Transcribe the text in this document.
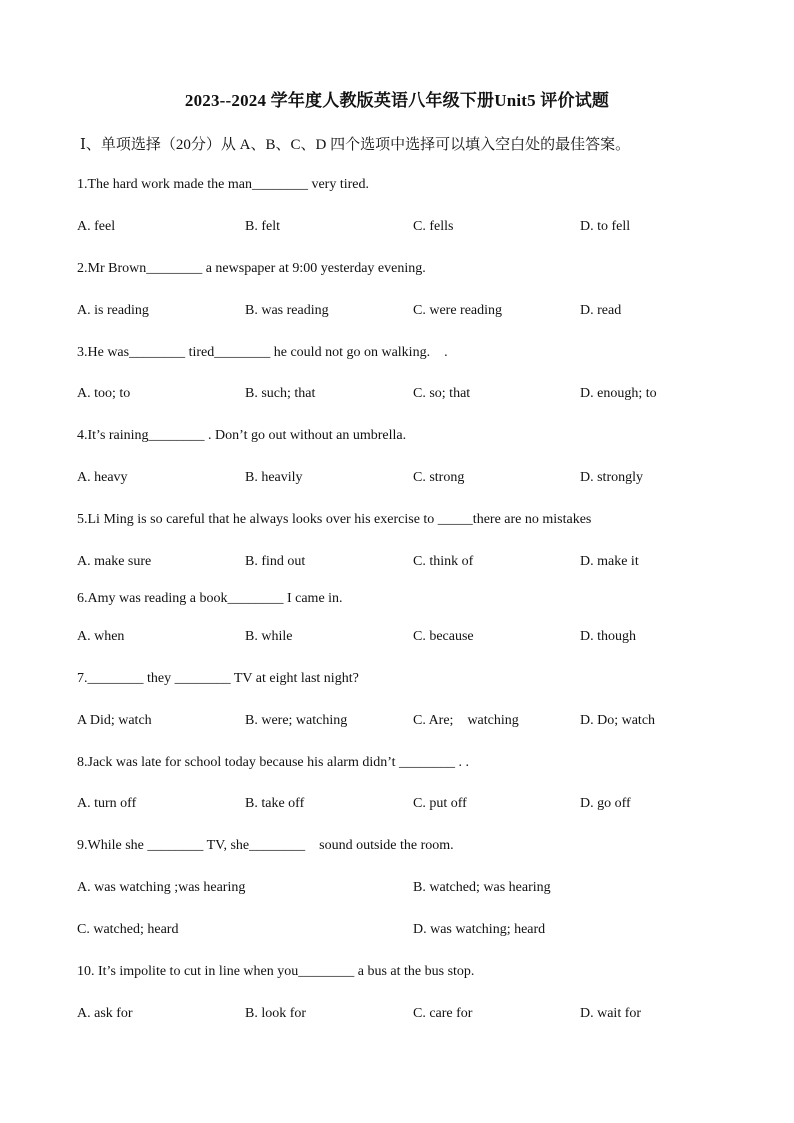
2023--2024 学年度人教版英语八年级下册Unit5 评价试题
Ⅰ、单项选择（20分）从 A、B、C、D 四个选项中选择可以填入空白处的最佳答案。
1.The hard work made the man________ very tired.
A. feel	B. felt	C. fells	D. to fell
2.Mr Brown________ a newspaper at 9:00 yesterday evening.
A. is reading	B. was reading	C. were reading	D. read
3.He was________ tired________ he could not go on walking.    .
A. too; to	B. such; that	C. so; that	D. enough; to
4.It’s raining________ . Don’t go out without an umbrella.
A. heavy	B. heavily	C. strong	D. strongly
5.Li Ming is so careful that he always looks over his exercise to _____there are no mistakes
A. make sure	B. find out	C. think of	D. make it
6.Amy was reading a book________ I came in.
A. when	B. while	C. because	D. though
7.________ they ________ TV at eight last night?
A Did; watch	B. were; watching	C. Are;    watching	D. Do; watch
8.Jack was late for school today because his alarm didn’t ________ . .
A. turn off	B. take off	C. put off	D. go off
9.While she ________ TV, she________    sound outside the room.
A. was watching ;was hearing	B. watched; was hearing
C. watched; heard	D. was watching; heard
10. It’s impolite to cut in line when you________ a bus at the bus stop.
A. ask for	B. look for	C. care for	D. wait for
